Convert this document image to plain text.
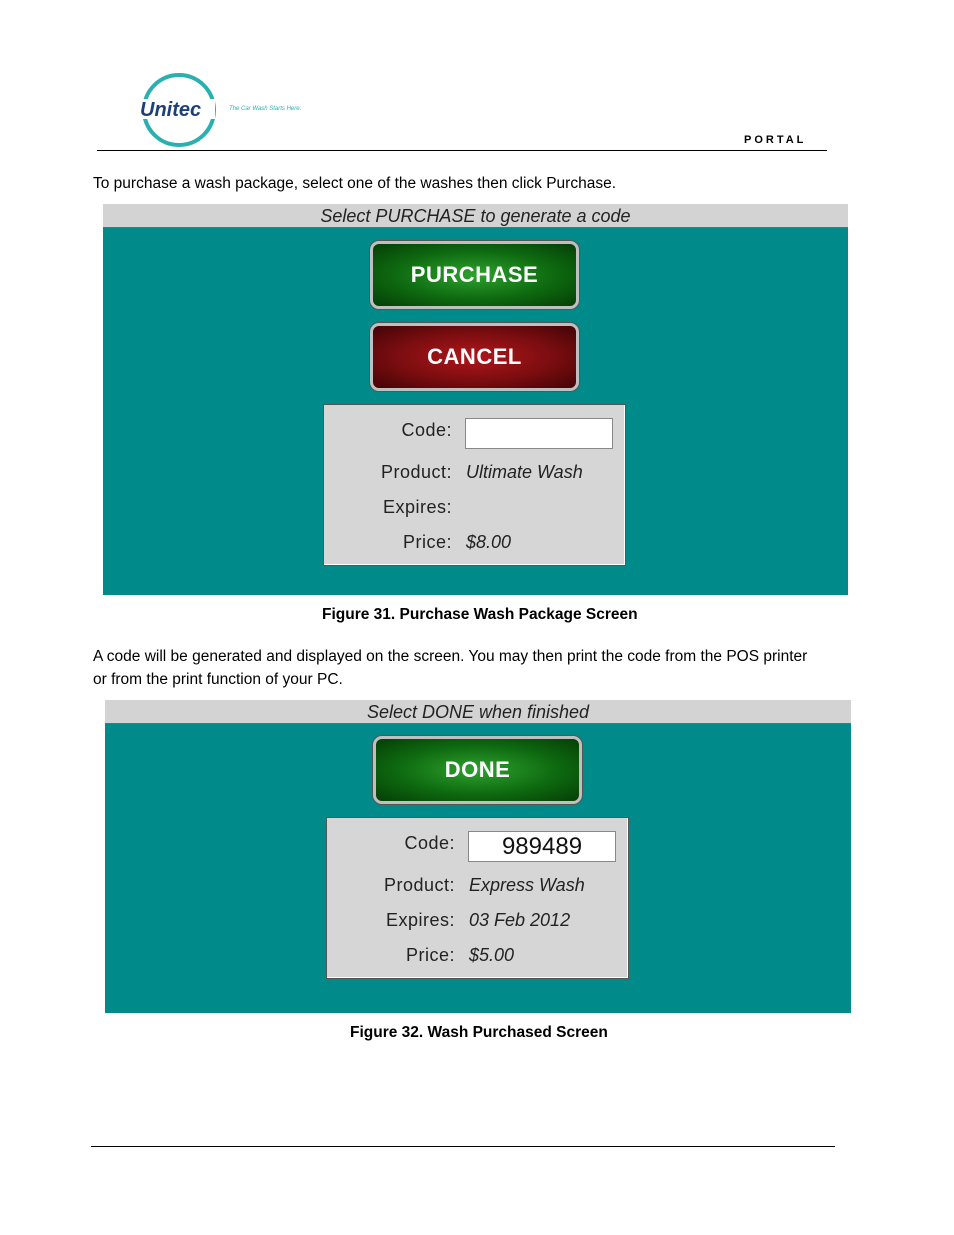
Unitec	The Car Wash Starts Here.
PORTAL
To purchase a wash package, select one of the washes then click Purchase.
Select PURCHASE to generate a code
PURCHASE
CANCEL
Code:
Product: Ultimate Wash
Expires:
Price: $8.00
Figure 31. Purchase Wash Package Screen
A code will be generated and displayed on the screen. You may then print the code from the POS printer
or from the print function of your PC.
Select DONE when finished
DONE
Code:	989489
Product: Express Wash
Expires: 03 Feb 2012
Price: $5.00
Figure 32. Wash Purchased Screen
